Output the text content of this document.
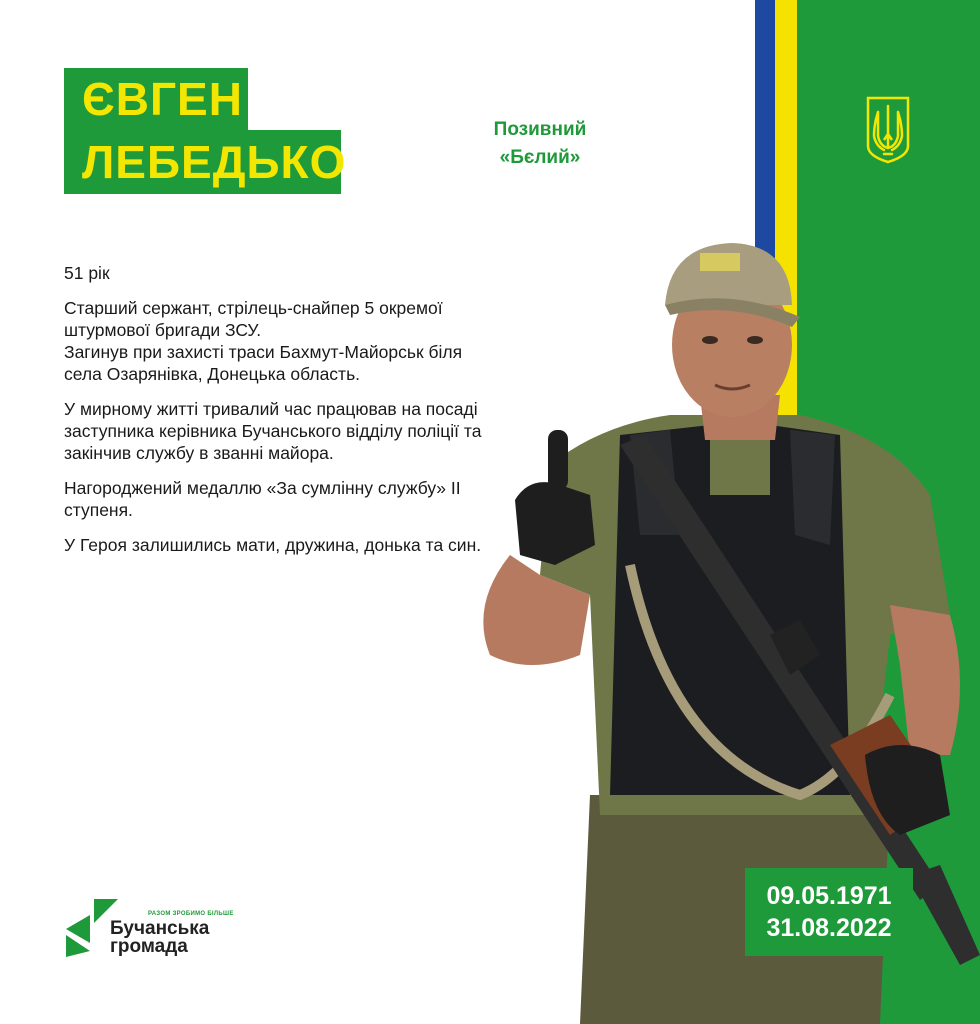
ЄВГЕН
ЛЕБЕДЬКО
Позивний
«Бєлий»

51 рік

Старший сержант, стрілець-снайпер 5 окремої штурмової бригади ЗСУ.
Загинув при захисті траси Бахмут-Майорськ біля села Озарянівка, Донецька область.

У мирному житті тривалий час працював на посаді заступника керівника Бучанського відділу поліції та закінчив службу в званні майора.

Нагороджений медаллю «За сумлінну службу» ІІ ступеня.

У Героя залишились мати, дружина, донька та син.

09.05.1971
31.08.2022
РАЗОМ ЗРОБИМО БІЛЬШЕ
Бучанська
громада
